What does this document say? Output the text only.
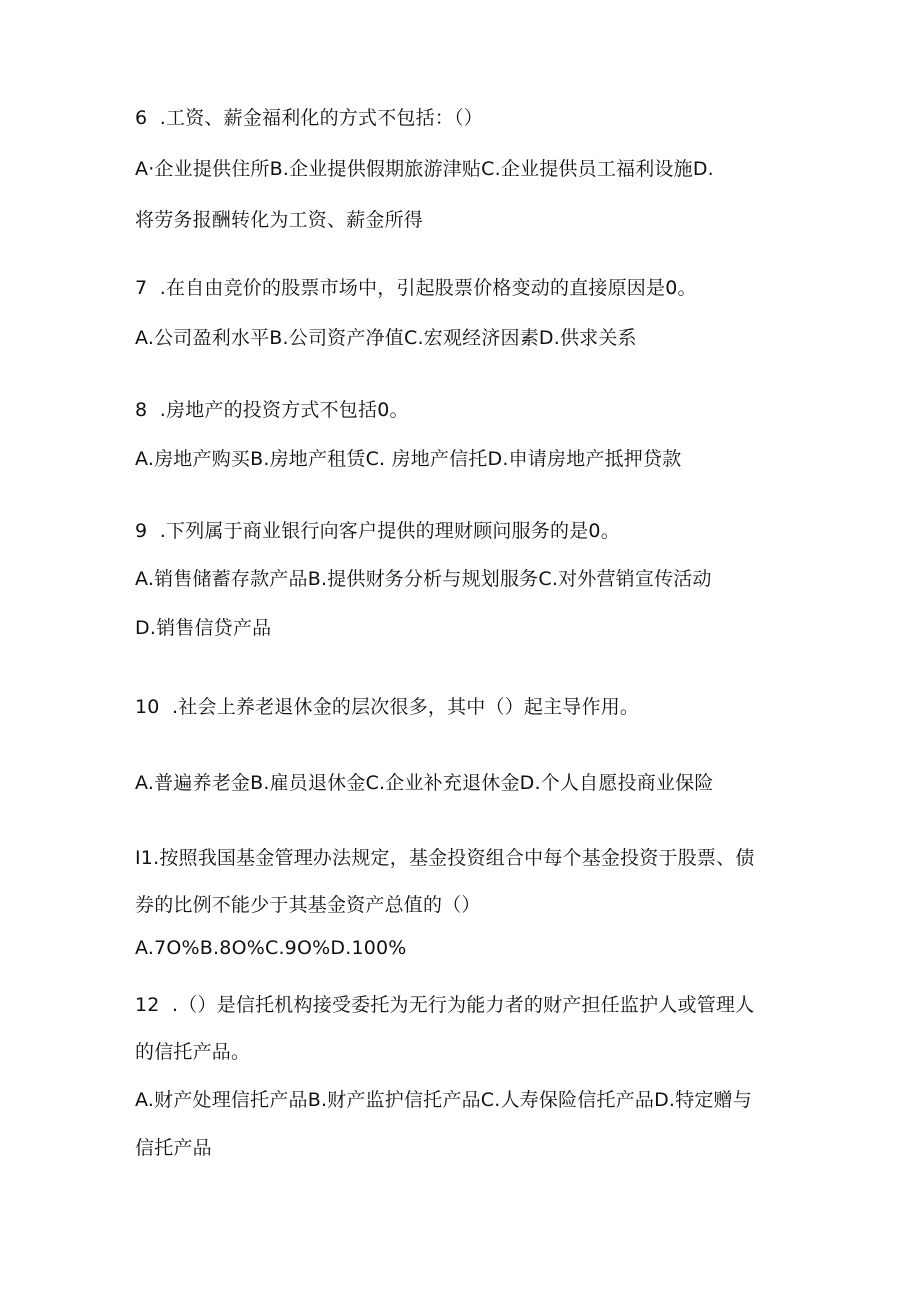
6  .工资、薪金福利化的方式不包括：（）
A·企业提供住所B.企业提供假期旅游津贴C.企业提供员工福利设施D.
将劳务报酬转化为工资、薪金所得
7  .在自由竞价的股票市场中，引起股票价格变动的直接原因是0。
A.公司盈利水平B.公司资产净值C.宏观经济因素D.供求关系
8  .房地产的投资方式不包括0。
A.房地产购买B.房地产租赁C. 房地产信托D.申请房地产抵押贷款
9  .下列属于商业银行向客户提供的理财顾问服务的是0。
A.销售储蓄存款产品B.提供财务分析与规划服务C.对外营销宣传活动
D.销售信贷产品
10  .社会上养老退休金的层次很多，其中（）起主导作用。
A.普遍养老金B.雇员退休金C.企业补充退休金D.个人自愿投商业保险
I1.按照我国基金管理办法规定，基金投资组合中每个基金投资于股票、债
券的比例不能少于其基金资产总值的（）
A.7O%B.8O%C.9O%D.100%
12  .（）是信托机构接受委托为无行为能力者的财产担任监护人或管理人
的信托产品。
A.财产处理信托产品B.财产监护信托产品C.人寿保险信托产品D.特定赠与
信托产品
